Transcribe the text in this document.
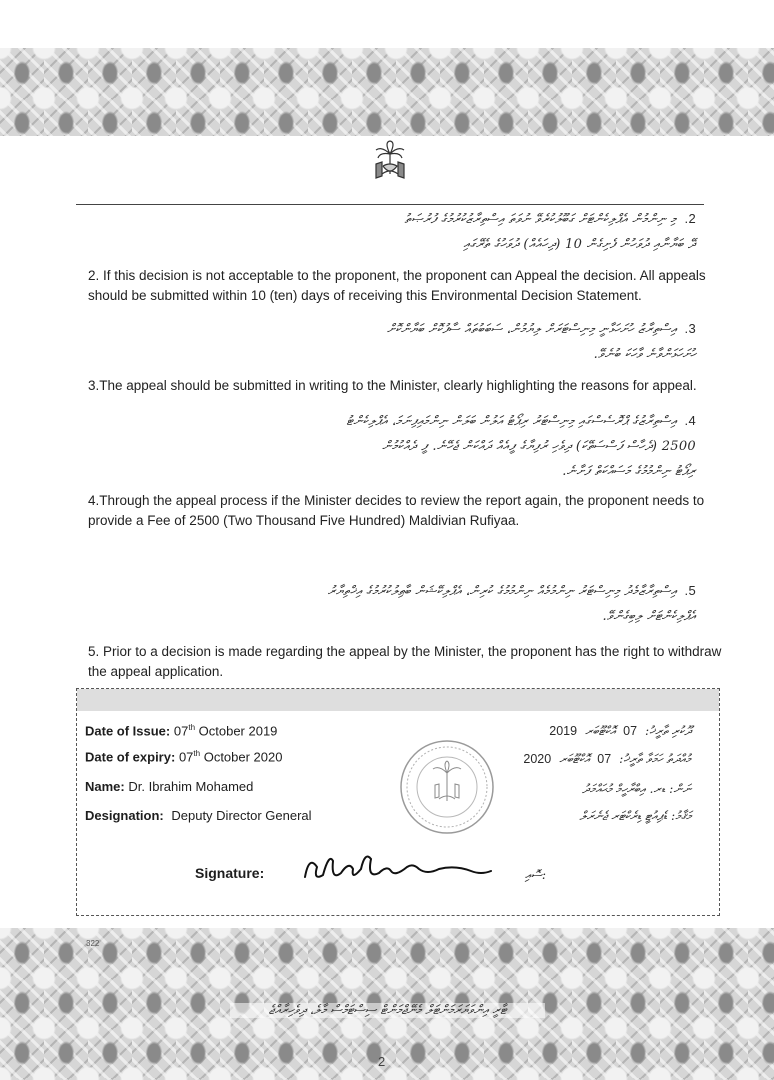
2.މި ނިންމުން އެޕްލިކެންޓަށް ގަބޫލުކުރެވޭ ނުވަތަ އިސްތިރާޒުކުރުމުގެ ފުރުޞަތު
ދޭ ބަޔާނާއި ދުވަހުން ފެށިގެން 10 (ދިހައެއް) ދުވަހުގެ ތެރޭގައި
2. If this decision is not acceptable to the proponent, the proponent can Appeal the decision. All appeals should be submitted within 10 (ten) days of receiving this Environmental Decision Statement.
3.އިސްތިރާޒު ހުށަހަޅާނީ މިނިސްޓަރަށް ލިޔުމުން، ސަބަބުތައް ސާފުކޮށް ބަޔާންކޮށް
ހުށަހަޅަންވާނެ ވާހަކަ ބުނެވޭ.
3.The appeal should be submitted in writing to the Minister, clearly highlighting the reasons for appeal.
4.އިސްތިރާޒުގެ ޕްރޮސެސްގައި މިނިސްޓަރު ރިޕޯޓު އަލުން ބަލަން ނިންމައިފިނަމަ، އެޕްލިކެންޓު
2500 (ދެހާސް ފަސްސަތޭކަ) ދިވެހި ރުފިޔާގެ ފީއެއް ދައްކަން ޖެހޭނެ. ފީ ދެއްކުމުން
ރިޕޯޓު ނިންމުމުގެ މަސައްކަތް ފަށާނެ.
4.Through the appeal process if the Minister decides to review the report again, the proponent needs to provide a Fee of 2500 (Two Thousand Five Hundred) Maldivian Rufiyaa.
5.އިސްތިރާޒާމެދު މިނިސްޓަރު ނިންމުމެއް ނިންމުމުގެ ކުރިން، އެޕްލިކޭޝަން ބާޠިލުކުރުމުގެ އިޚްތިޔާރު
އެޕްލިކެންޓަށް ލިބިގެންވޭ.
5. Prior to a decision is made regarding the appeal by the Minister, the proponent has the right to withdraw the appeal application.
Date of Issue: 07th October 2019
Date of expiry: 07th October 2020
Name: Dr. Ibrahim Mohamed
Designation: Deputy Director General
ދޫކުރި ތާރީޚު: 07 އޮކްޓޫބަރ 2019
މުއްދަތު ހަމަވާ ތާރީޚު: 07 އޮކްޓޫބަރ 2020
ނަން: ޑރ. އިބްރާހީމް މުޙައްމަދު
މަޤާމު: ޑެޕިއުޓީ ޑިރެކްޓަރ ޖެނެރަލް
Signature:	ސޮއި:
322
ޓާރީ އިންވަޔަރަމަންޓަލް މެނޭޖްމަންޓް ސިސްޓަމްސް މާލެ، ދިވެހިރާއްޖެ
2
